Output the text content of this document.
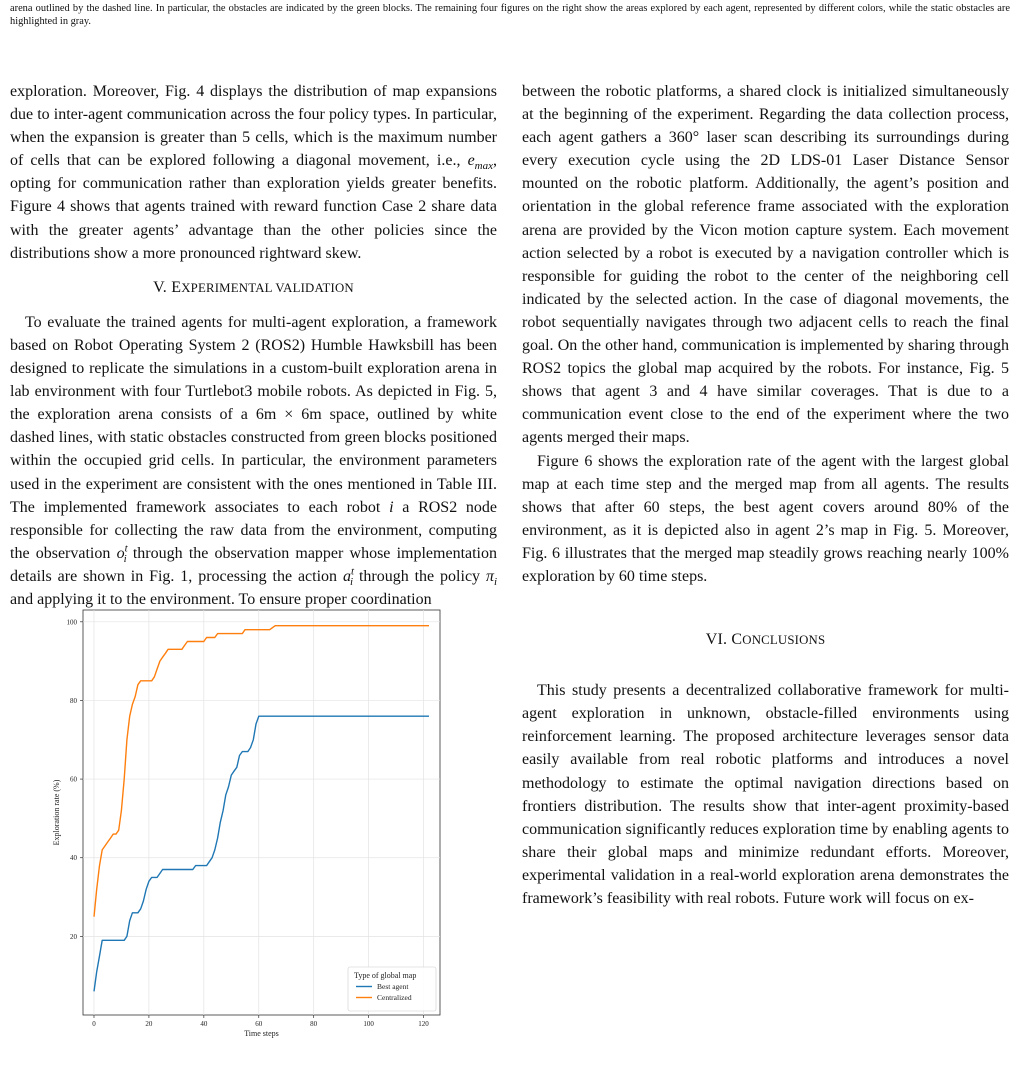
arena outlined by the dashed line. In particular, the obstacles are indicated by the green blocks. The remaining four figures on the right show the areas explored by each agent, represented by different colors, while the static obstacles are highlighted in gray.

exploration. Moreover, Fig. 4 displays the distribution of map expansions due to inter-agent communication across the four policy types. In particular, when the expansion is greater than 5 cells, which is the maximum number of cells that can be explored following a diagonal movement, i.e., $e_{max}$, opting for communication rather than exploration yields greater benefits. Figure 4 shows that agents trained with reward function Case 2 share data with the greater agents’ advantage than the other policies since the distributions show a more pronounced rightward skew.

V. EXPERIMENTAL VALIDATION

To evaluate the trained agents for multi-agent exploration, a framework based on Robot Operating System 2 (ROS2) Humble Hawksbill has been designed to replicate the simulations in a custom-built exploration arena in lab environment with four Turtlebot3 mobile robots. As depicted in Fig. 5, the exploration arena consists of a 6m × 6m space, outlined by white dashed lines, with static obstacles constructed from green blocks positioned within the occupied grid cells. In particular, the environment parameters used in the experiment are consistent with the ones mentioned in Table III. The implemented framework associates to each robot i a ROS2 node responsible for collecting the raw data from the environment, computing the observation $o^t_i$ through the observation mapper whose implementation details are shown in Fig. 1, processing the action $a^t_i$ through the policy $\pi_i$ and applying it to the environment. To ensure proper coordination

between the robotic platforms, a shared clock is initialized simultaneously at the beginning of the experiment. Regarding the data collection process, each agent gathers a 360° laser scan describing its surroundings during every execution cycle using the 2D LDS-01 Laser Distance Sensor mounted on the robotic platform. Additionally, the agent’s position and orientation in the global reference frame associated with the exploration arena are provided by the Vicon motion capture system. Each movement action selected by a robot is executed by a navigation controller which is responsible for guiding the robot to the center of the neighboring cell indicated by the selected action. In the case of diagonal movements, the robot sequentially navigates through two adjacent cells to reach the final goal. On the other hand, communication is implemented by sharing through ROS2 topics the global map acquired by the robots. For instance, Fig. 5 shows that agent 3 and 4 have similar coverages. That is due to a communication event close to the end of the experiment where the two agents merged their maps.

Figure 6 shows the exploration rate of the agent with the largest global map at each time step and the merged map from all agents. The results shows that after 60 steps, the best agent covers around 80% of the environment, as it is depicted also in agent 2’s map in Fig. 5. Moreover, Fig. 6 illustrates that the merged map steadily grows reaching nearly 100% exploration by 60 time steps.

VI. CONCLUSIONS

This study presents a decentralized collaborative framework for multi-agent exploration in unknown, obstacle-filled environments using reinforcement learning. The proposed architecture leverages sensor data easily available from real robotic platforms and introduces a novel methodology to estimate the optimal navigation directions based on frontiers distribution. The results show that inter-agent proximity-based communication significantly reduces exploration time by enabling agents to share their global maps and minimize redundant efforts. Moreover, experimental validation in a real-world exploration arena demonstrates the framework’s feasibility with real robots. Future work will focus on ex-

0	20	40	60	80	100	120
20
40
60
80
100
Time steps
Exploration rate (%)
Type of global map
Best agent
Centralized
